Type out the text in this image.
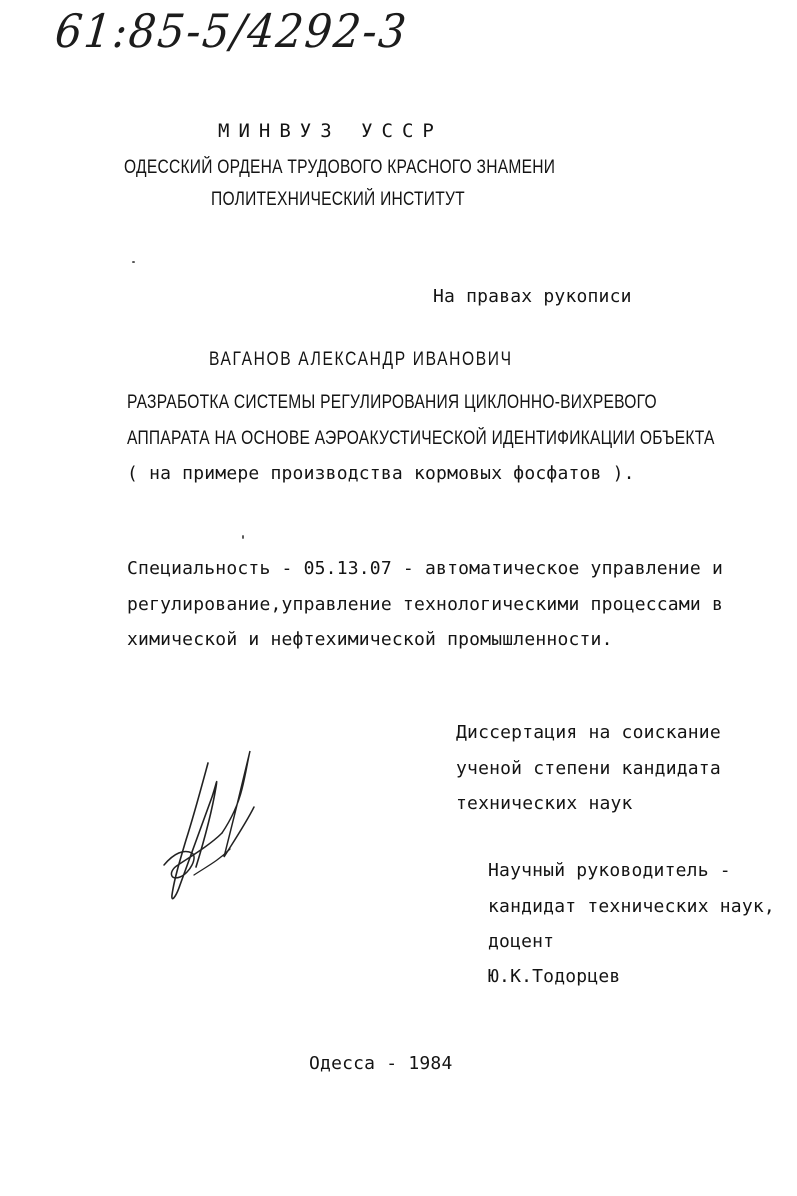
61:85-5/4292-3
МИНВУЗ УССР
ОДЕССКИЙ ОРДЕНА ТРУДОВОГО КРАСНОГО ЗНАМЕНИ
ПОЛИТЕХНИЧЕСКИЙ ИНСТИТУТ
На правах рукописи
ВАГАНОВ АЛЕКСАНДР ИВАНОВИЧ
РАЗРАБОТКА СИСТЕМЫ РЕГУЛИРОВАНИЯ ЦИКЛОННО-ВИХРЕВОГО
АППАРАТА НА ОСНОВЕ АЭРОАКУСТИЧЕСКОЙ ИДЕНТИФИКАЦИИ ОБЪЕКТА
( на примере производства кормовых фосфатов ).
Специальность - 05.13.07 - автоматическое управление и
регулирование,управление технологическими процессами в
химической и нефтехимической промышленности.
Диссертация на соискание
ученой степени кандидата
технических наук
Научный руководитель -
кандидат технических наук,
доцент
Ю.К.Тодорцев
Одесса - 1984
